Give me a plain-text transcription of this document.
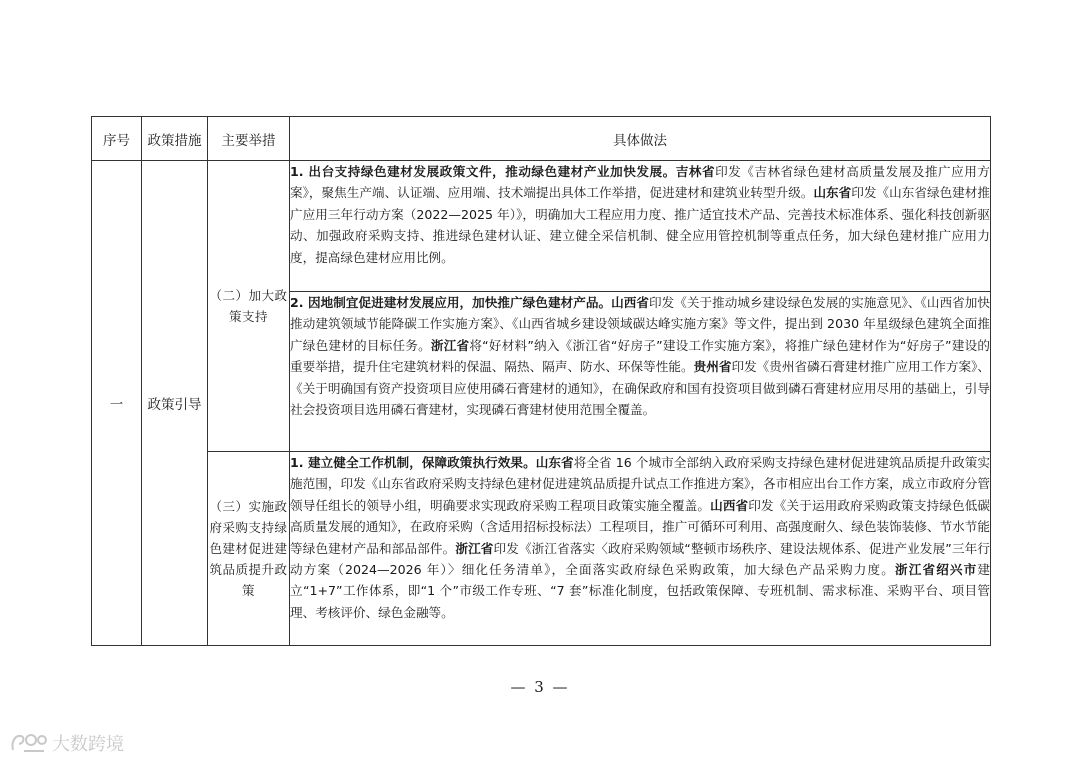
序号	政策措施	主要举措	具体做法
一	政策引导	（二）加大政策支持	1. 出台支持绿色建材发展政策文件，推动绿色建材产业加快发展。吉林省印发《吉林省绿色建材高质量发展及推广应用方案》，聚焦生产端、认证端、应用端、技术端提出具体工作举措，促进建材和建筑业转型升级。山东省印发《山东省绿色建材推广应用三年行动方案（2022—2025 年）》，明确加大工程应用力度、推广适宜技术产品、完善技术标准体系、强化科技创新驱动、加强政府采购支持、推进绿色建材认证、建立健全采信机制、健全应用管控机制等重点任务，加大绿色建材推广应用力度，提高绿色建材应用比例。
			2. 因地制宜促进建材发展应用，加快推广绿色建材产品。山西省印发《关于推动城乡建设绿色发展的实施意见》、《山西省加快推动建筑领域节能降碳工作实施方案》、《山西省城乡建设领域碳达峰实施方案》等文件，提出到 2030 年星级绿色建筑全面推广绿色建材的目标任务。浙江省将“好材料”纳入《浙江省“好房子”建设工作实施方案》，将推广绿色建材作为“好房子”建设的重要举措，提升住宅建筑材料的保温、隔热、隔声、防水、环保等性能。贵州省印发《贵州省磷石膏建材推广应用工作方案》、《关于明确国有资产投资项目应使用磷石膏建材的通知》，在确保政府和国有投资项目做到磷石膏建材应用尽用的基础上，引导社会投资项目选用磷石膏建材，实现磷石膏建材使用范围全覆盖。
		（三）实施政府采购支持绿色建材促进建筑品质提升政策	1. 建立健全工作机制，保障政策执行效果。山东省将全省 16 个城市全部纳入政府采购支持绿色建材促进建筑品质提升政策实施范围，印发《山东省政府采购支持绿色建材促进建筑品质提升试点工作推进方案》，各市相应出台工作方案，成立市政府分管领导任组长的领导小组，明确要求实现政府采购工程项目政策实施全覆盖。山西省印发《关于运用政府采购政策支持绿色低碳高质量发展的通知》，在政府采购（含适用招标投标法）工程项目，推广可循环可利用、高强度耐久、绿色装饰装修、节水节能等绿色建材产品和部品部件。浙江省印发《浙江省落实〈政府采购领域“整顿市场秩序、建设法规体系、促进产业发展”三年行动方案（2024—2026 年）〉细化任务清单》，全面落实政府绿色采购政策，加大绿色产品采购力度。浙江省绍兴市建立“1+7”工作体系，即“1 个”市级工作专班、“7 套”标准化制度，包括政策保障、专班机制、需求标准、采购平台、项目管理、考核评价、绿色金融等。
— 3 —
大数跨境
